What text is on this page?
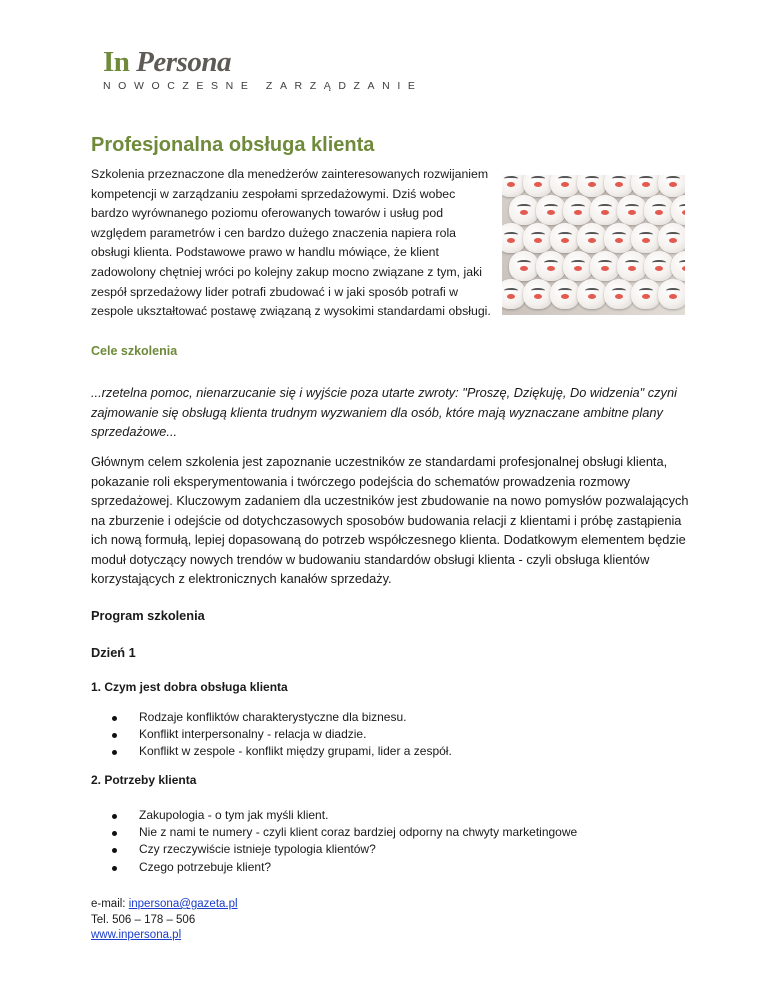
In Persona
NOWOCZESNE ZARZĄDZANIE
Profesjonalna obsługa klienta

Szkolenia przeznaczone dla menedżerów zainteresowanych rozwijaniem kompetencji w zarządzaniu zespołami sprzedażowymi. Dziś wobec bardzo wyrównanego poziomu oferowanych towarów i usług pod względem parametrów i cen bardzo dużego znaczenia napiera rola obsługi klienta. Podstawowe prawo w handlu mówiące, że klient zadowolony chętniej wróci po kolejny zakup mocno związane z tym, jaki zespół sprzedażowy lider potrafi zbudować i w jaki sposób potrafi w zespole ukształtować postawę związaną z wysokimi standardami obsługi.

Cele szkolenia

...rzetelna pomoc, nienarzucanie się i wyjście poza utarte zwroty: "Proszę, Dziękuję, Do widzenia" czyni zajmowanie się obsługą klienta trudnym wyzwaniem dla osób, które mają wyznaczane ambitne plany sprzedażowe...

Głównym celem szkolenia jest zapoznanie uczestników ze standardami profesjonalnej obsługi klienta, pokazanie roli eksperymentowania i twórczego podejścia do schematów prowadzenia rozmowy sprzedażowej. Kluczowym zadaniem dla uczestników jest zbudowanie na nowo pomysłów pozwalających na zburzenie i odejście od dotychczasowych sposobów budowania relacji z klientami i próbę zastąpienia ich nową formułą, lepiej dopasowaną do potrzeb współczesnego klienta. Dodatkowym elementem będzie moduł dotyczący nowych trendów w budowaniu standardów obsługi klienta - czyli obsługa klientów korzystających z elektronicznych kanałów sprzedaży.

Program szkolenia
Dzień 1
1. Czym jest dobra obsługa klienta
Rodzaje konfliktów charakterystyczne dla biznesu.
Konflikt interpersonalny - relacja w diadzie.
Konflikt w zespole - konflikt między grupami, lider a zespół.
2. Potrzeby klienta
Zakupologia - o tym jak myśli klient.
Nie z nami te numery - czyli klient coraz bardziej odporny na chwyty marketingowe
Czy rzeczywiście istnieje typologia klientów?
Czego potrzebuje klient?
e-mail: inpersona@gazeta.pl
Tel. 506 – 178 – 506
www.inpersona.pl
